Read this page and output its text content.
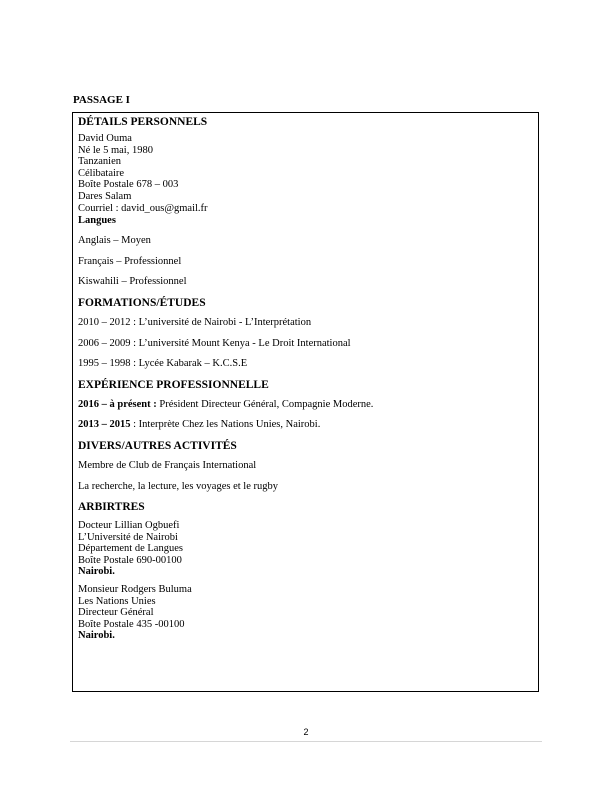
PASSAGE I
DÉTAILS PERSONNELS
David Ouma
Né le 5 mai, 1980
Tanzanien
Célibataire
Boîte Postale 678 – 003
Dares Salam
Courriel : david_ous@gmail.fr
Langues
Anglais – Moyen
Français – Professionnel
Kiswahili – Professionnel
FORMATIONS/ÉTUDES
2010 – 2012 : L’université de Nairobi - L’Interprétation
2006 – 2009 : L’université Mount Kenya - Le Droit International
1995 – 1998 : Lycée Kabarak – K.C.S.E
EXPÉRIENCE PROFESSIONNELLE
2016 – à présent : Président Directeur Général, Compagnie Moderne.
2013 – 2015 : Interprète Chez les Nations Unies, Nairobi.
DIVERS/AUTRES ACTIVITÉS
Membre de Club de Français International
La recherche, la lecture, les voyages et le rugby
ARBIRTRES
Docteur Lillian Ogbuefi
L’Université de Nairobi
Département de Langues
Boîte Postale 690-00100
Nairobi.
Monsieur Rodgers Buluma
Les Nations Unies
Directeur Général
Boîte Postale 435 -00100
Nairobi.
2
